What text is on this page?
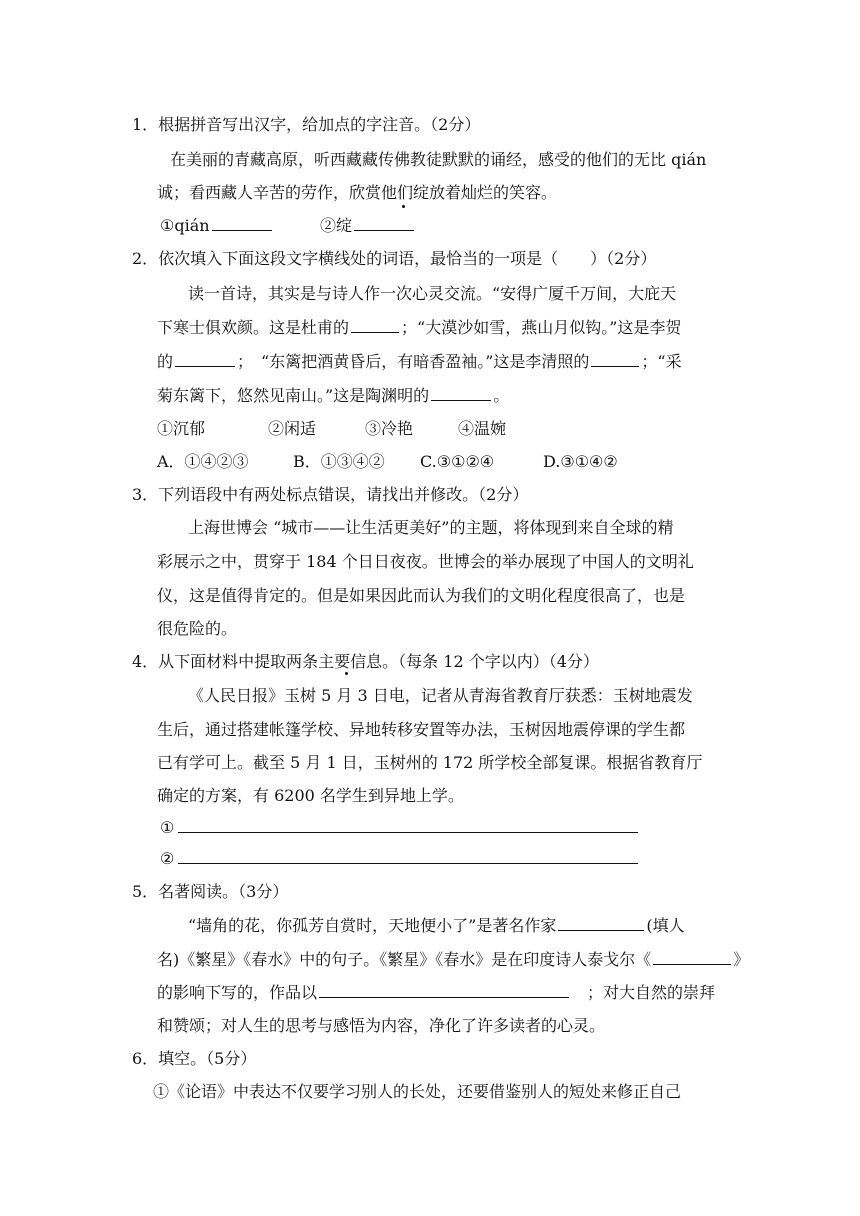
1．根据拼音写出汉字，给加点的字注音。（2分）
在美丽的青藏高原，听西藏藏传佛教徒默默的诵经，感受的他们的无比 qián
诚；看西藏人辛苦的劳作，欣赏他们绽放着灿烂的笑容。
①qián	②绽
2．依次填入下面这段文字横线处的词语，最恰当的一项是（　　）（2分）
读一首诗，其实是与诗人作一次心灵交流。“安得广厦千万间，大庇天
下寒士俱欢颜。这是杜甫的	；“大漠沙如雪，燕山月似钩。”这是李贺
的	；　“东篱把酒黄昏后，有暗香盈袖。”这是李清照的	；“采
菊东篱下，悠然见南山。”这是陶渊明的	。
①沉郁	②闲适	③冷艳	④温婉
A．①④②③	B．①③④② C.③①②④	D.③①④②
3．下列语段中有两处标点错误，请找出并修改。（2分）
上海世博会 “城市——让生活更美好”的主题，将体现到来自全球的精
彩展示之中，贯穿于 184 个日日夜夜。世博会的举办展现了中国人的文明礼
仪，这是值得肯定的。但是如果因此而认为我们的文明化程度很高了，也是
很危险的。
4．从下面材料中提取两条主要信息。（每条 12 个字以内）（4分）
《人民日报》玉树 5 月 3 日电，记者从青海省教育厅获悉：玉树地震发
生后，通过搭建帐篷学校、异地转移安置等办法，玉树因地震停课的学生都
已有学可上。截至 5 月 1 日，玉树州的 172 所学校全部复课。根据省教育厅
确定的方案，有 6200 名学生到异地上学。
①
②
5．名著阅读。（3分）
“墙角的花，你孤芳自赏时，天地便小了”是著名作家	(填人
名)《繁星》《春水》中的句子。《繁星》《春水》是在印度诗人泰戈尔《	》
的影响下写的，作品以　	；对大自然的崇拜
和赞颂；对人生的思考与感悟为内容，净化了许多读者的心灵。
6．填空。（5分）
①《论语》中表达不仅要学习别人的长处，还要借鉴别人的短处来修正自己
